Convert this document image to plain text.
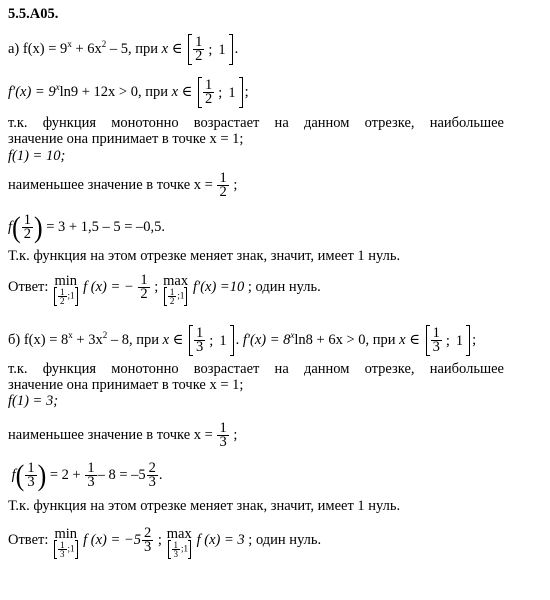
5.5.A05.
а) $f(x) = 9^x + 6x^2 - 5$, при x ∈ $\frac{1}{2}$ ; 1 .
$f'(x) = 9^x\ln 9 + 12x > 0$, при x ∈ $\frac{1}{2}$ ; 1 ;
т.к. функция монотонно возрастает на данном отрезке, наибольшее
значение она принимает в точке x = 1;
f(1) = 10;
наименьшее значение в точке $x = \frac{1}{2}$ ;
$f( \frac{1}{2}$ ) = 3 + 1,5 – 5 = –0,5.
Т.к. функция на этом отрезке меняет знак, значит, имеет 1 нуль.
Ответ: min
$\frac{1}{2}$ ;1
f (x) = − $\frac{1}{2}$ ; max
$\frac{1}{2}$ ;1
f′(x) =10 ; один нуль.
б) $f(x) = 8^x + 3x^2 - 8$, при x ∈ $\frac{1}{3}$ ; 1 . $f'(x) = 8^x\ln 8 + 6x > 0$, при x ∈ $\frac{1}{3}$ ; 1 ;
т.к. функция монотонно возрастает на данном отрезке, наибольшее
значение она принимает в точке x = 1;
f(1) = 3;
наименьшее значение в точке $x = \frac{1}{3}$ ;
$f( \frac{1}{3}$ ) = $2 + \frac{1}{3} - 8 = -5 \frac{2}{3}$ .
Т.к. функция на этом отрезке меняет знак, значит, имеет 1 нуль.
Ответ: min
$\frac{1}{3}$ ;1
f $(x) = -5 \frac{2}{3}$ ; max
$\frac{1}{3}$ ;1
f (x) = 3 ; один нуль.
